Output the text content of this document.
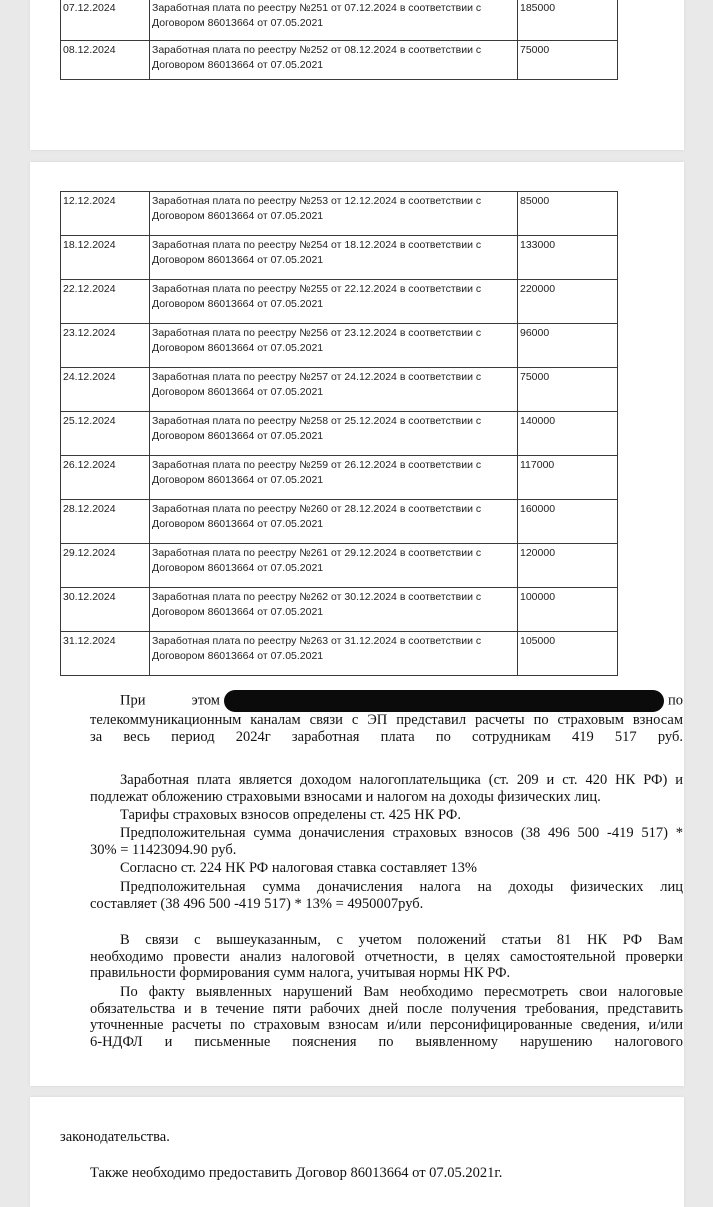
07.12.2024	Заработная плата по реестру №251 от 07.12.2024 в соответствии с Договором 86013664 от 07.05.2021	185000
08.12.2024	Заработная плата по реестру №252 от 08.12.2024 в соответствии с Договором 86013664 от 07.05.2021	75000
12.12.2024	Заработная плата по реестру №253 от 12.12.2024 в соответствии с Договором 86013664 от 07.05.2021	85000
18.12.2024	Заработная плата по реестру №254 от 18.12.2024 в соответствии с Договором 86013664 от 07.05.2021	133000
22.12.2024	Заработная плата по реестру №255 от 22.12.2024 в соответствии с Договором 86013664 от 07.05.2021	220000
23.12.2024	Заработная плата по реестру №256 от 23.12.2024 в соответствии с Договором 86013664 от 07.05.2021	96000
24.12.2024	Заработная плата по реестру №257 от 24.12.2024 в соответствии с Договором 86013664 от 07.05.2021	75000
25.12.2024	Заработная плата по реестру №258 от 25.12.2024 в соответствии с Договором 86013664 от 07.05.2021	140000
26.12.2024	Заработная плата по реестру №259 от 26.12.2024 в соответствии с Договором 86013664 от 07.05.2021	117000
28.12.2024	Заработная плата по реестру №260 от 28.12.2024 в соответствии с Договором 86013664 от 07.05.2021	160000
29.12.2024	Заработная плата по реестру №261 от 29.12.2024 в соответствии с Договором 86013664 от 07.05.2021	120000
30.12.2024	Заработная плата по реестру №262 от 30.12.2024 в соответствии с Договором 86013664 от 07.05.2021	100000
31.12.2024	Заработная плата по реестру №263 от 31.12.2024 в соответствии с Договором 86013664 от 07.05.2021	105000
При этом	по
телекоммуникационным каналам связи с ЭП представил расчеты по страховым взносам
за весь период 2024г заработная плата по сотрудникам 419 517 руб.
Заработная плата является доходом налогоплательщика (ст. 209 и ст. 420 НК РФ) и
подлежат обложению страховыми взносами и налогом на доходы физических лиц.
Тарифы страховых взносов определены ст. 425 НК РФ.
Предположительная сумма доначисления страховых взносов (38 496 500 -419 517) *
30% = 11423094.90 руб.
Согласно ст. 224 НК РФ налоговая ставка составляет 13%
Предположительная сумма доначисления налога на доходы физических лиц
составляет (38 496 500 -419 517) * 13% = 4950007руб.
В связи с вышеуказанным, с учетом положений статьи 81 НК РФ Вам
необходимо провести анализ налоговой отчетности, в целях самостоятельной проверки
правильности формирования сумм налога, учитывая нормы НК РФ.
По факту выявленных нарушений Вам необходимо пересмотреть свои налоговые
обязательства и в течение пяти рабочих дней после получения требования, представить
уточненные расчеты по страховым взносам и/или персонифицированные сведения, и/или
6-НДФЛ и письменные пояснения по выявленному нарушению налогового
законодательства.
Также необходимо предоставить Договор 86013664 от 07.05.2021г.
